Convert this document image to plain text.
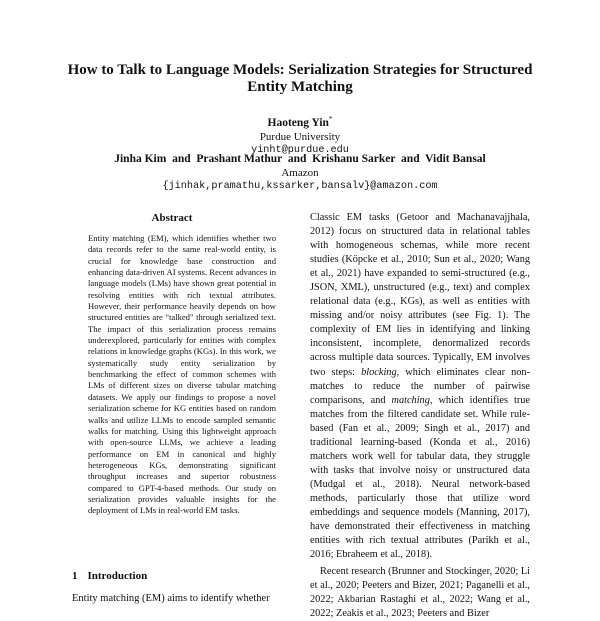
How to Talk to Language Models: Serialization Strategies for Structured Entity Matching
Haoteng Yin*
Purdue University
yinht@purdue.edu
Jinha Kim  and  Prashant Mathur  and  Krishanu Sarker  and  Vidit Bansal
Amazon
{jinhak,pramathu,kssarker,bansalv}@amazon.com
Abstract
Entity matching (EM), which identifies whether two data records refer to the same real-world entity, is crucial for knowledge base construction and enhancing data-driven AI systems. Recent advances in language models (LMs) have shown great potential in resolving entities with rich textual attributes. However, their performance heavily depends on how structured entities are "talked" through serialized text. The impact of this serialization process remains underexplored, particularly for entities with complex relations in knowledge graphs (KGs). In this work, we systematically study entity serialization by benchmarking the effect of common schemes with LMs of different sizes on diverse tabular matching datasets. We apply our findings to propose a novel serialization scheme for KG entities based on random walks and utilize LLMs to encode sampled semantic walks for matching. Using this lightweight approach with open-source LLMs, we achieve a leading performance on EM in canonical and highly heterogeneous KGs, demonstrating significant throughput increases and superior robustness compared to GPT-4-based methods. Our study on serialization provides valuable insights for the deployment of LMs in real-world EM tasks.
1 Introduction
Entity matching (EM) aims to identify whether

Classic EM tasks (Getoor and Machanavajjhala, 2012) focus on structured data in relational tables with homogeneous schemas, while more recent studies (Köpcke et al., 2010; Sun et al., 2020; Wang et al., 2021) have expanded to semi-structured (e.g., JSON, XML), unstructured (e.g., text) and complex relational data (e.g., KGs), as well as entities with missing and/or noisy attributes (see Fig. 1). The complexity of EM lies in identifying and linking inconsistent, incomplete, denormalized records across multiple data sources. Typically, EM involves two steps: blocking, which eliminates clear non-matches to reduce the number of pairwise comparisons, and matching, which identifies true matches from the filtered candidate set. While rule-based (Fan et al., 2009; Singh et al., 2017) and traditional learning-based (Konda et al., 2016) matchers work well for tabular data, they struggle with tasks that involve noisy or unstructured data (Mudgal et al., 2018). Neural network-based methods, particularly those that utilize word embeddings and sequence models (Manning, 2017), have demonstrated their effectiveness in matching entities with rich textual attributes (Parikh et al., 2016; Ebraheem et al., 2018).

Recent research (Brunner and Stockinger, 2020; Li et al., 2020; Peeters and Bizer, 2021; Paganelli et al., 2022; Akbarian Rastaghi et al., 2022; Wang et al., 2022; Zeakis et al., 2023; Peeters and Bizer
